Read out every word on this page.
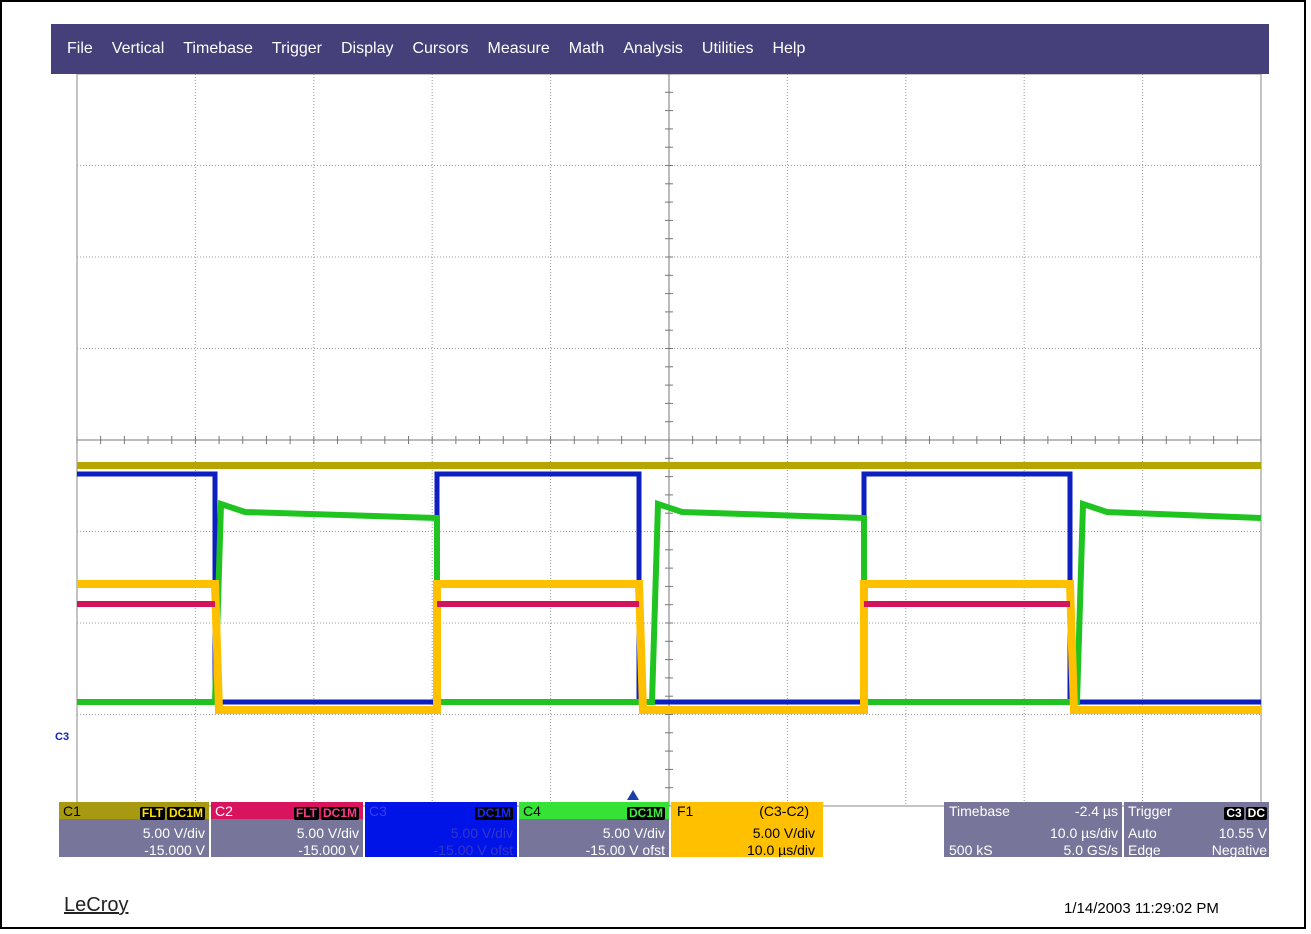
File	Vertical	Timebase	Trigger	Display	Cursors	Measure	Math	Analysis	Utilities	Help
C3
C1	FLT DC1M
5.00 V/div
-15.000 V
C2	FLT DC1M
5.00 V/div
-15.000 V
C3	DC1M
5.00 V/div
-15.00 V ofst
C4	DC1M
5.00 V/div
-15.00 V ofst
F1	(C3-C2)
5.00 V/div
10.0 µs/div
Timebase	-2.4 µs
10.0 µs/div
500 kS	5.0 GS/s
Trigger	C3 DC
Auto	10.55 V
Edge	Negative
LeCroy	1/14/2003 11:29:02 PM
